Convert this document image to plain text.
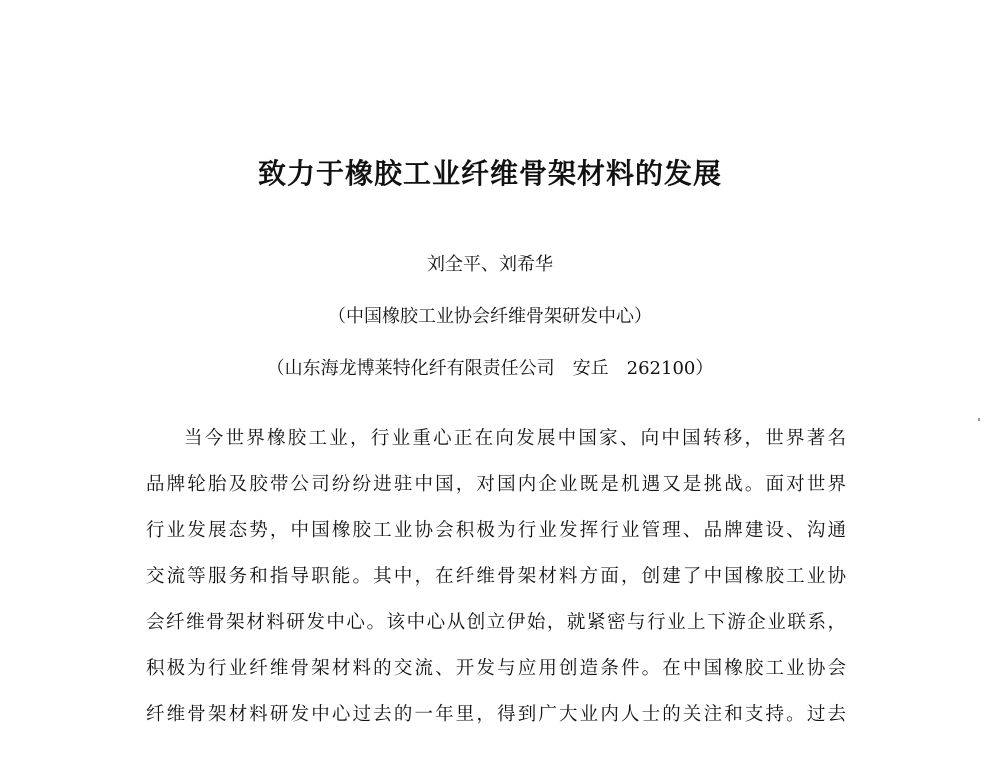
致力于橡胶工业纤维骨架材料的发展

刘全平、刘希华

（中国橡胶工业协会纤维骨架研发中心）

（山东海龙博莱特化纤有限责任公司　安丘　262100）

当今世界橡胶工业，行业重心正在向发展中国家、向中国转移，世界著名
品牌轮胎及胶带公司纷纷进驻中国，对国内企业既是机遇又是挑战。面对世界
行业发展态势，中国橡胶工业协会积极为行业发挥行业管理、品牌建设、沟通
交流等服务和指导职能。其中，在纤维骨架材料方面，创建了中国橡胶工业协
会纤维骨架材料研发中心。该中心从创立伊始，就紧密与行业上下游企业联系，
积极为行业纤维骨架材料的交流、开发与应用创造条件。在中国橡胶工业协会
纤维骨架材料研发中心过去的一年里，得到广大业内人士的关注和支持。过去
